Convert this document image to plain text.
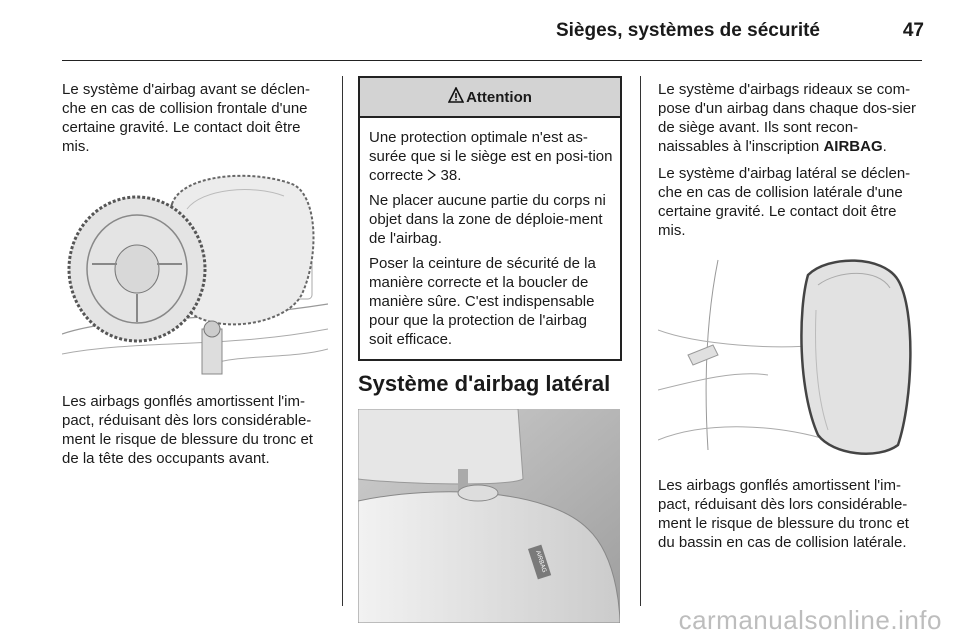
Sièges, systèmes de sécurité	47

Le système d'airbag avant se déclen-che en cas de collision frontale d'une certaine gravité. Le contact doit être mis.

Les airbags gonflés amortissent l'im-pact, réduisant dès lors considérable-ment le risque de blessure du tronc et de la tête des occupants avant.

Attention

Une protection optimale n'est as-surée que si le siège est en posi-tion correcte  38.

Ne placer aucune partie du corps ni objet dans la zone de déploie-ment de l'airbag.

Poser la ceinture de sécurité de la manière correcte et la boucler de manière sûre. C'est indispensable pour que la protection de l'airbag soit efficace.

Système d'airbag latéral
AIRBAG

Le système d'airbags rideaux se com-pose d'un airbag dans chaque dos-sier de siège avant. Ils sont recon-naissables à l'inscription AIRBAG.

Le système d'airbag latéral se déclen-che en cas de collision latérale d'une certaine gravité. Le contact doit être mis.

Les airbags gonflés amortissent l'im-pact, réduisant dès lors considérable-ment le risque de blessure du tronc et du bassin en cas de collision latérale.

carmanualsonline.info
